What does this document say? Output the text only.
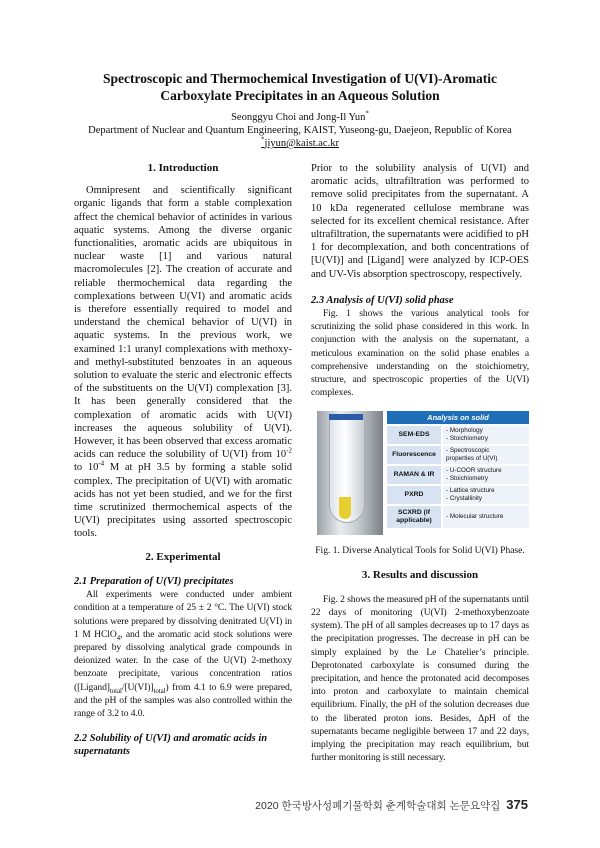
Spectroscopic and Thermochemical Investigation of U(VI)-Aromatic
Carboxylate Precipitates in an Aqueous Solution
Seonggyu Choi and Jong-Il Yun*
Department of Nuclear and Quantum Engineering, KAIST, Yuseong-gu, Daejeon, Republic of Korea
*jiyun@kaist.ac.kr
1. Introduction

Omnipresent and scientifically significant organic ligands that form a stable complexation affect the chemical behavior of actinides in various aquatic systems. Among the diverse organic functionalities, aromatic acids are ubiquitous in nuclear waste [1] and various natural macromolecules [2]. The creation of accurate and reliable thermochemical data regarding the complexations between U(VI) and aromatic acids is therefore essentially required to model and understand the chemical behavior of U(VI) in aquatic systems. In the previous work, we examined 1:1 uranyl complexations with methoxy- and methyl-substituted benzoates in an aqueous solution to evaluate the steric and electronic effects of the substituents on the U(VI) complexation [3]. It has been generally considered that the complexation of aromatic acids with U(VI) increases the aqueous solubility of U(VI). However, it has been observed that excess aromatic acids can reduce the solubility of U(VI) from $10^{-2}$ to $10^{-4}$ M at pH 3.5 by forming a stable solid complex. The precipitation of U(VI) with aromatic acids has not yet been studied, and we for the first time scrutinized thermochemical aspects of the U(VI) precipitates using assorted spectroscopic tools.

2. Experimental
2.1 Preparation of U(VI) precipitates

All experiments were conducted under ambient condition at a temperature of 25 ± 2 °C. The U(VI) stock solutions were prepared by dissolving denitrated U(VI) in 1 M HClO$_4$, and the aromatic acid stock solutions were prepared by dissolving analytical grade compounds in deionized water. In the case of the U(VI) 2-methoxy benzoate precipitate, various concentration ratios $([Ligand]_{total}/[U(VI)]_{total})$ from 4.1 to 6.9 were prepared, and the pH of the samples was also controlled within the range of 3.2 to 4.0.

2.2 Solubility of U(VI) and aromatic acids in supernatants

Prior to the solubility analysis of U(VI) and aromatic acids, ultrafiltration was performed to remove solid precipitates from the supernatant. A 10 kDa regenerated cellulose membrane was selected for its excellent chemical resistance. After ultrafiltration, the supernatants were acidified to pH 1 for decomplexation, and both concentrations of [U(VI)] and [Ligand] were analyzed by ICP-OES and UV-Vis absorption spectroscopy, respectively.

2.3 Analysis of U(VI) solid phase

Fig. 1 shows the various analytical tools for scrutinizing the solid phase considered in this work. In conjunction with the analysis on the supernatant, a meticulous examination on the solid phase enables a comprehensive understanding on the stoichiometry, structure, and spectroscopic properties of the U(VI) complexes.

Analysis on solid
SEM-EDS
- Morphology
- Stoichiometry
Fluorescence
- Spectroscopic
properties of U(VI)
RAMAN & IR
- U-COOR structure
- Stoichiometry
PXRD
- Lattice structure
- Crystallinity
SCXRD (if applicable)
- Molecular structure
Fig. 1. Diverse Analytical Tools for Solid U(VI) Phase.
3. Results and discussion

Fig. 2 shows the measured pH of the supernatants until 22 days of monitoring (U(VI) 2-methoxybenzoate system). The pH of all samples decreases up to 17 days as the precipitation progresses. The decrease in pH can be simply explained by the Le Chatelier’s principle. Deprotonated carboxylate is consumed during the precipitation, and hence the protonated acid decomposes into proton and carboxylate to maintain chemical equilibrium. Finally, the pH of the solution decreases due to the liberated proton ions. Besides, ΔpH of the supernatants became negligible between 17 and 22 days, implying the precipitation may reach equilibrium, but further monitoring is still necessary.

2020 한국방사성폐기물학회 춘계학술대회 논문요약집 375
